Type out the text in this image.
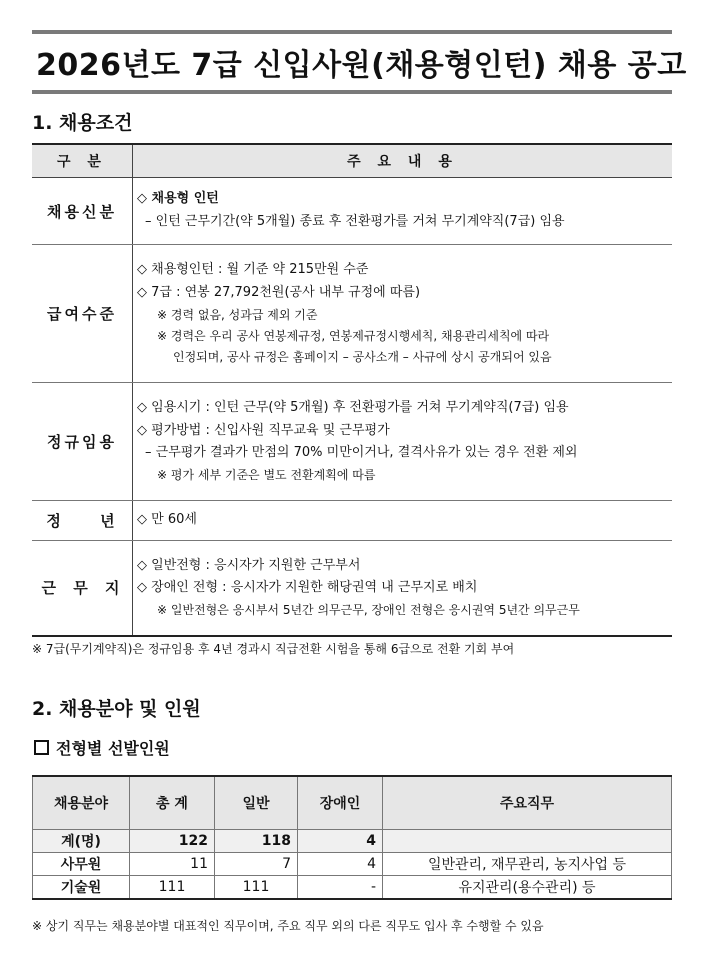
2026년도 7급 신입사원(채용형인턴) 채용 공고
1. 채용조건
구 분	주 요 내 용
채용신분	◇ 채용형 인턴
– 인턴 근무기간(약 5개월) 종료 후 전환평가를 거쳐 무기계약직(7급) 임용

급여수준	◇ 채용형인턴 : 월 기준 약 215만원 수준
◇ 7급 : 연봉 27,792천원(공사 내부 규정에 따름)
※ 경력 없음, 성과급 제외 기준
※ 경력은 우리 공사 연봉제규정, 연봉제규정시행세칙, 채용관리세칙에 따라
인정되며, 공사 규정은 홈페이지 – 공사소개 – 사규에 상시 공개되어 있음

정규임용	◇ 임용시기 : 인턴 근무(약 5개월) 후 전환평가를 거쳐 무기계약직(7급) 임용
◇ 평가방법 : 신입사원 직무교육 및 근무평가
– 근무평가 결과가 만점의 70% 미만이거나, 결격사유가 있는 경우 전환 제외
※ 평가 세부 기준은 별도 전환계획에 따름

정 년	◇ 만 60세

근 무 지	◇ 일반전형 : 응시자가 지원한 근무부서
◇ 장애인 전형 : 응시자가 지원한 해당권역 내 근무지로 배치
※ 일반전형은 응시부서 5년간 의무근무, 장애인 전형은 응시권역 5년간 의무근무
※ 7급(무기계약직)은 정규임용 후 4년 경과시 직급전환 시험을 통해 6급으로 전환 기회 부여
2. 채용분야 및 인원
전형별 선발인원
채용분야	총 계	일반	장애인	주요직무
계(명)	122	118	4	
사무원	11	7	4	일반관리, 재무관리, 농지사업 등
기술원	111	111	-	유지관리(용수관리) 등
※ 상기 직무는 채용분야별 대표적인 직무이며, 주요 직무 외의 다른 직무도 입사 후 수행할 수 있음
